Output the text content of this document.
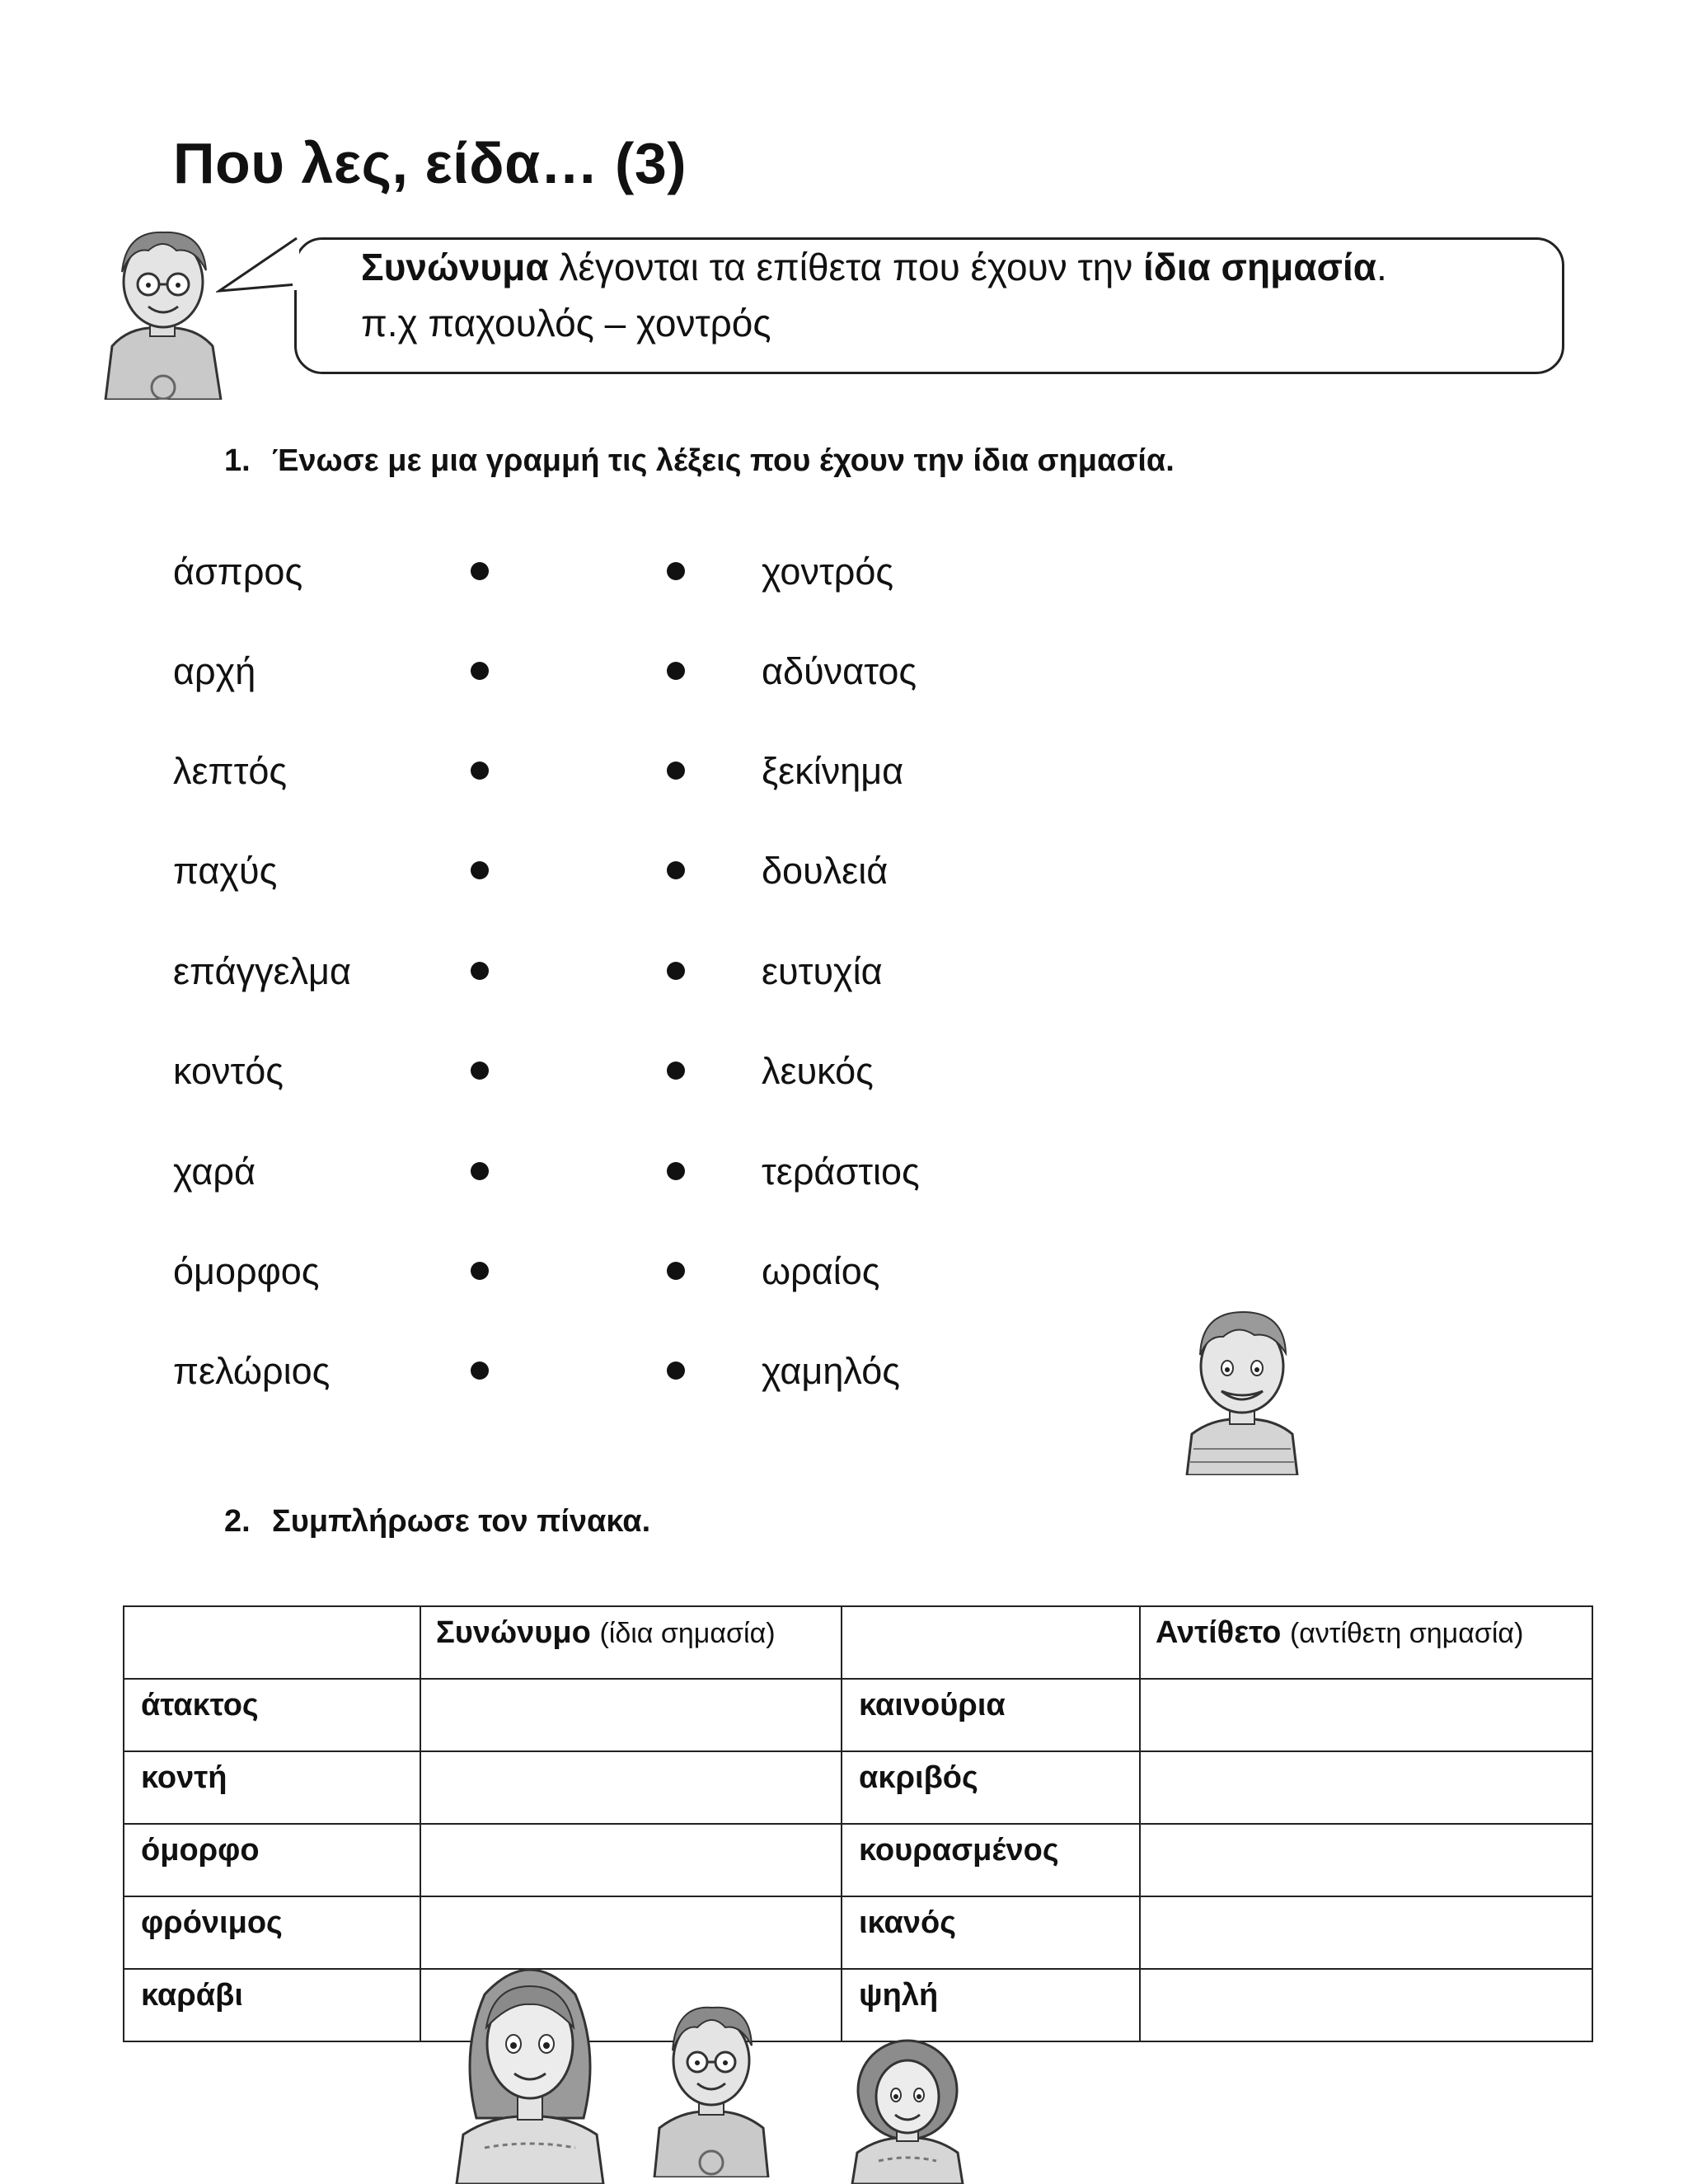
Που λες, είδα… (3)
Συνώνυμα λέγονται τα επίθετα που έχουν την ίδια σημασία.
π.χ παχουλός – χοντρός
1. Ένωσε με μια γραμμή τις λέξεις που έχουν την ίδια σημασία.
άσπρος	χοντρός
αρχή	αδύνατος
λεπτός	ξεκίνημα
παχύς	δουλειά
επάγγελμα	ευτυχία
κοντός	λευκός
χαρά	τεράστιος
όμορφος	ωραίος
πελώριος	χαμηλός
2. Συμπλήρωσε τον πίνακα.
	Συνώνυμο (ίδια σημασία)		Αντίθετο (αντίθετη σημασία)
άτακτος		καινούρια	
κοντή		ακριβός	
όμορφο		κουρασμένος	
φρόνιμος		ικανός	
καράβι		ψηλή	
